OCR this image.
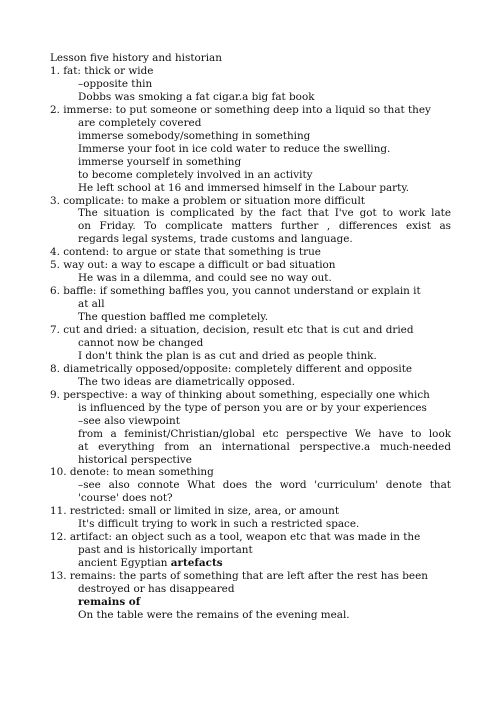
Lesson five history and historian
1. fat: thick or wide
–opposite thin
Dobbs was smoking a fat cigar.a big fat book
2. immerse: to put someone or something deep into a liquid so that they
are completely covered
immerse somebody/something in something
Immerse your foot in ice cold water to reduce the swelling.
immerse yourself in something
to become completely involved in an activity
He left school at 16 and immersed himself in the Labour party.
3. complicate: to make a problem or situation more difficult
The situation is complicated by the fact that I've got to work late
on Friday. To complicate matters further , differences exist as
regards legal systems, trade customs and language.
4. contend: to argue or state that something is true
5. way out: a way to escape a difficult or bad situation
He was in a dilemma, and could see no way out.
6. baffle: if something baffles you, you cannot understand or explain it
at all
The question baffled me completely.
7. cut and dried: a situation, decision, result etc that is cut and dried
cannot now be changed
I don't think the plan is as cut and dried as people think.
8. diametrically opposed/opposite: completely different and opposite
The two ideas are diametrically opposed.
9. perspective: a way of thinking about something, especially one which
is influenced by the type of person you are or by your experiences
–see also viewpoint
from a feminist/Christian/global etc perspective We have to look
at everything from an international perspective.a much-needed
historical perspective
10. denote: to mean something
–see also connote What does the word 'curriculum' denote that
'course' does not?
11. restricted: small or limited in size, area, or amount
It's difficult trying to work in such a restricted space.
12. artifact: an object such as a tool, weapon etc that was made in the
past and is historically important
ancient Egyptian artefacts
13. remains: the parts of something that are left after the rest has been
destroyed or has disappeared
remains of
On the table were the remains of the evening meal.
